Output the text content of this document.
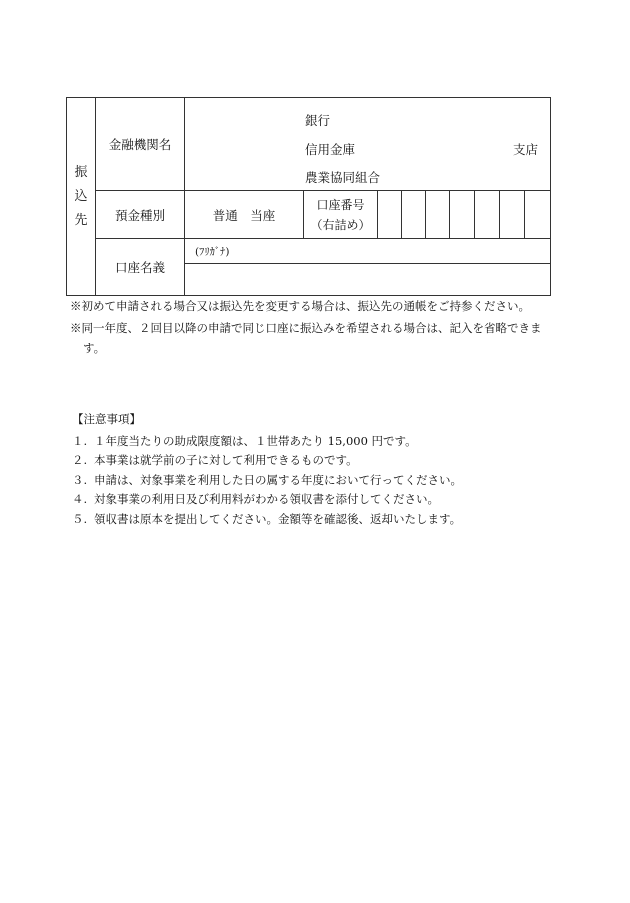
振
込
先	金融機関名	銀行
信用金庫
農業協同組合
支店								

	預金種別	普通　当座	口座番号
（右詰め）							

	口座名義	(ﾌﾘｶﾞﾅ)								

※初めて申請される場合又は振込先を変更する場合は、振込先の通帳をご持参ください。

※同一年度、２回目以降の申請で同じ口座に振込みを希望される場合は、記入を省略できます。

【注意事項】

１. １年度当たりの助成限度額は、１世帯あたり 15,000 円です。
２. 本事業は就学前の子に対して利用できるものです。
３. 申請は、対象事業を利用した日の属する年度において行ってください。
４. 対象事業の利用日及び利用料がわかる領収書を添付してください。
５. 領収書は原本を提出してください。金額等を確認後、返却いたします。
